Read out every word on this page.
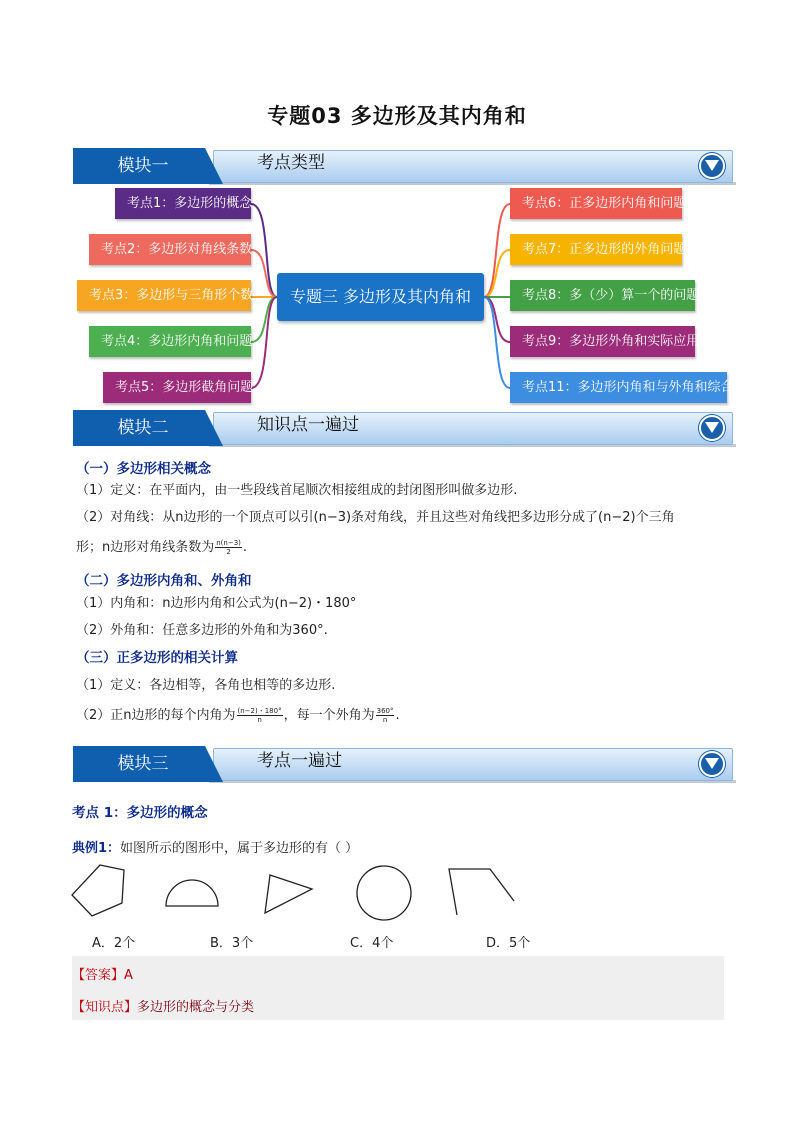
专题03 多边形及其内角和
模块一	考点类型
专题三 多边形及其内角和
考点1：多边形的概念
考点2：多边形对角线条数
考点3：多边形与三角形个数
考点4：多边形内角和问题
考点5：多边形截角问题
考点6：正多边形内角和问题
考点7：正多边形的外角问题
考点8：多（少）算一个的问题
考点9：多边形外角和实际应用
考点11：多边形内角和与外角和综合
模块二	知识点一遍过
（一）多边形相关概念
（1）定义：在平面内，由一些段线首尾顺次相接组成的封闭图形叫做多边形.
（2）对角线：从n边形的一个顶点可以引(n−3)条对角线，并且这些对角线把多边形分成了(n−2)个三角
形；n边形对角线条数为 $\frac{n(n-3)}{2}$ .
（二）多边形内角和、外角和
（1）内角和：n边形内角和公式为(n−2)・180°
（2）外角和：任意多边形的外角和为360°.
（三）正多边形的相关计算
（1）定义：各边相等，各角也相等的多边形.
（2）正n边形的每个内角为 $\frac{(n-2)・180^\circ}{n}$ ，每一个外角为 $\frac{360^\circ}{n}$ .
模块三	考点一遍过
考点 1：多边形的概念
典例1：如图所示的图形中，属于多边形的有（ ）
A．2个	B．3个	C．4个	D．5个
【答案】A
【知识点】多边形的概念与分类
